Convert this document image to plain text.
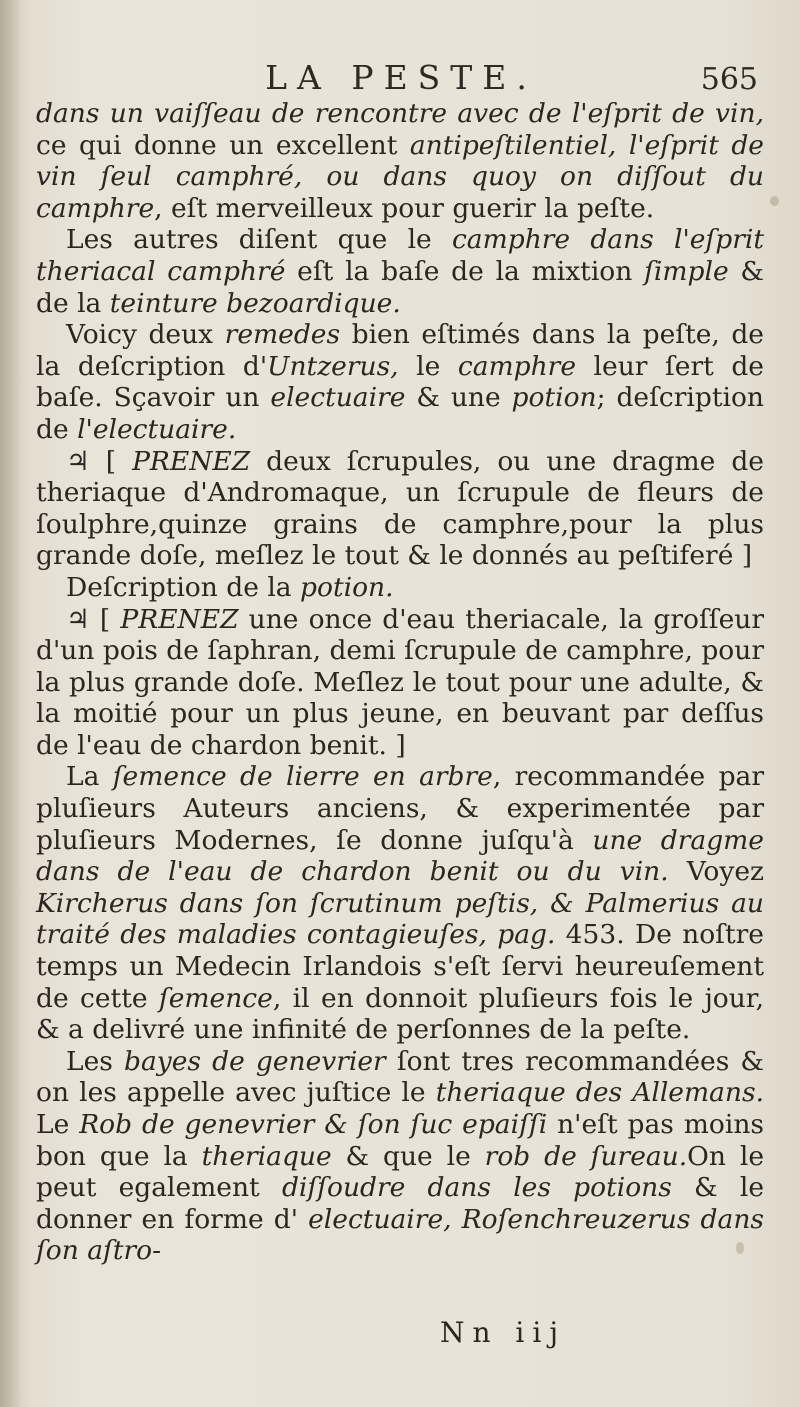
LA PESTE.	565

dans un vaiſſeau de rencontre avec de l'eſprit de vin, ce qui donne un excellent antipeſtilentiel, l'eſprit de vin ſeul camphré, ou dans quoy on diſſout du camphre, eſt merveilleux pour guerir la peſte.

Les autres diſent que le camphre dans l'eſprit theriacal camphré eſt la baſe de la mixtion ſimple & de la teinture bezoardique.

Voicy deux remedes bien eſtimés dans la peſte, de la deſcription d'Untzerus, le camphre leur ſert de baſe. Sçavoir un electuaire & une potion; deſcription de l'electuaire.

♃ [ PRENEZ deux ſcrupules, ou une dragme de theriaque d'Andromaque, un ſcrupule de fleurs de ſoulphre,quinze grains de camphre,pour la plus grande doſe, meſlez le tout & le donnés au peſtiferé ]

Deſcription de la potion.

♃ [ PRENEZ une once d'eau theriacale, la groſſeur d'un pois de ſaphran, demi ſcrupule de camphre, pour la plus grande doſe. Meſlez le tout pour une adulte, & la moitié pour un plus jeune, en beuvant par deſſus de l'eau de chardon benit. ]

La ſemence de lierre en arbre, recommandée par pluſieurs Auteurs anciens, & experimentée par pluſieurs Modernes, ſe donne juſqu'à une dragme dans de l'eau de chardon benit ou du vin. Voyez Kircherus dans ſon ſcrutinum peſtis, & Palmerius au traité des maladies contagieuſes, pag. 453. De noſtre temps un Medecin Irlandois s'eſt ſervi heureuſement de cette ſemence, il en donnoit pluſieurs fois le jour, & a delivré une infinité de perſonnes de la peſte.

Les bayes de genevrier ſont tres recommandées & on les appelle avec juſtice le theriaque des Allemans. Le Rob de genevrier & ſon ſuc epaiſſi n'eſt pas moins bon que la theriaque & que le rob de ſureau.On le peut egalement diſſoudre dans les potions & le donner en forme d' electuaire, Roſenchreuzerus dans ſon aſtro-

Nn iij
